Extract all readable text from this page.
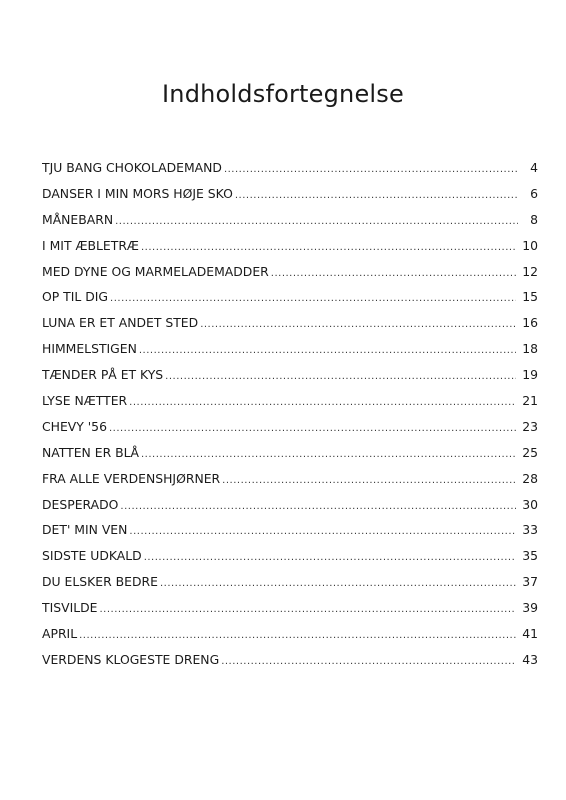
Indholdsfortegnelse
TJU BANG CHOKOLADEMAND .....	4
DANSER I MIN MORS HØJE SKO .....	6
MÅNEBARN .....	8
I MIT ÆBLETRÆ .....	10
MED DYNE OG MARMELADEMADDER .....	12
OP TIL DIG .....	15
LUNA ER ET ANDET STED .....	16
HIMMELSTIGEN .....	18
TÆNDER PÅ ET KYS .....	19
LYSE NÆTTER .....	21
CHEVY '56 .....	23
NATTEN ER BLÅ .....	25
FRA ALLE VERDENSHJØRNER .....	28
DESPERADO .....	30
DET' MIN VEN .....	33
SIDSTE UDKALD .....	35
DU ELSKER BEDRE .....	37
TISVILDE .....	39
APRIL .....	41
VERDENS KLOGESTE DRENG .....	43
